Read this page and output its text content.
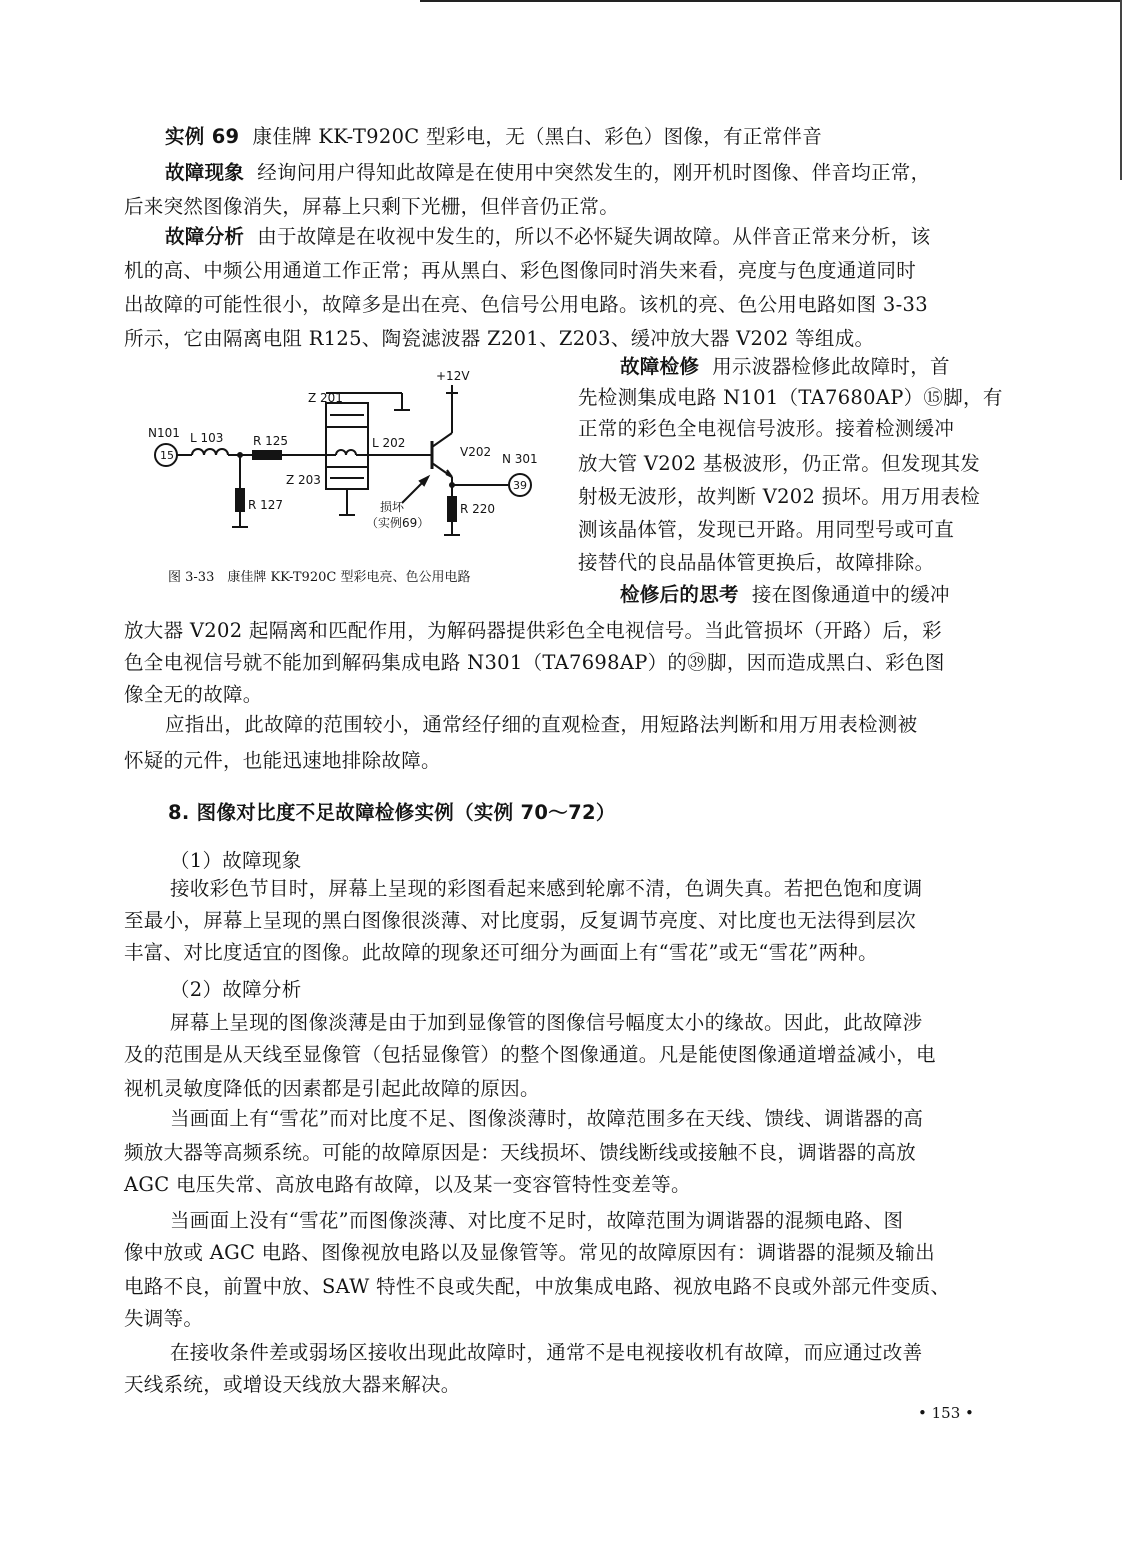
实例 69 康佳牌 KK-T920C 型彩电，无（黑白、彩色）图像，有正常伴音

故障现象 经询问用户得知此故障是在使用中突然发生的，刚开机时图像、伴音均正常，

后来突然图像消失，屏幕上只剩下光栅，但伴音仍正常。

故障分析 由于故障是在收视中发生的，所以不必怀疑失调故障。从伴音正常来分析，该

机的高、中频公用通道工作正常；再从黑白、彩色图像同时消失来看，亮度与色度通道同时

出故障的可能性很小，故障多是出在亮、色信号公用电路。该机的亮、色公用电路如图 3-33

所示，它由隔离电阻 R125、陶瓷滤波器 Z201、Z203、缓冲放大器 V202 等组成。

故障检修 用示波器检修此故障时，首

先检测集成电路 N101（TA7680AP）⑮脚，有

正常的彩色全电视信号波形。接着检测缓冲

放大管 V202 基极波形，仍正常。但发现其发

射极无波形，故判断 V202 损坏。用万用表检

测该晶体管，发现已开路。用同型号或可直

接替代的良品晶体管更换后，故障排除。

检修后的思考 接在图像通道中的缓冲

N101
15
L 103 R 125
Z 201
Z 203
L 202
R 127
+12V
V202 N 301
39
R 220
损坏
（实例69）

图 3-33　康佳牌 KK-T920C 型彩电亮、色公用电路

放大器 V202 起隔离和匹配作用，为解码器提供彩色全电视信号。当此管损坏（开路）后，彩

色全电视信号就不能加到解码集成电路 N301（TA7698AP）的㊴脚，因而造成黑白、彩色图

像全无的故障。

应指出，此故障的范围较小，通常经仔细的直观检查，用短路法判断和用万用表检测被

怀疑的元件，也能迅速地排除故障。

8. 图像对比度不足故障检修实例（实例 70～72）

（1）故障现象

接收彩色节目时，屏幕上呈现的彩图看起来感到轮廓不清，色调失真。若把色饱和度调

至最小，屏幕上呈现的黑白图像很淡薄、对比度弱，反复调节亮度、对比度也无法得到层次

丰富、对比度适宜的图像。此故障的现象还可细分为画面上有“雪花”或无“雪花”两种。

（2）故障分析

屏幕上呈现的图像淡薄是由于加到显像管的图像信号幅度太小的缘故。因此，此故障涉

及的范围是从天线至显像管（包括显像管）的整个图像通道。凡是能使图像通道增益减小，电

视机灵敏度降低的因素都是引起此故障的原因。

当画面上有“雪花”而对比度不足、图像淡薄时，故障范围多在天线、馈线、调谐器的高

频放大器等高频系统。可能的故障原因是：天线损坏、馈线断线或接触不良，调谐器的高放

AGC 电压失常、高放电路有故障，以及某一变容管特性变差等。

当画面上没有“雪花”而图像淡薄、对比度不足时，故障范围为调谐器的混频电路、图

像中放或 AGC 电路、图像视放电路以及显像管等。常见的故障原因有：调谐器的混频及输出

电路不良，前置中放、SAW 特性不良或失配，中放集成电路、视放电路不良或外部元件变质、

失调等。

在接收条件差或弱场区接收出现此故障时，通常不是电视接收机有故障，而应通过改善

天线系统，或增设天线放大器来解决。

• 153 •
